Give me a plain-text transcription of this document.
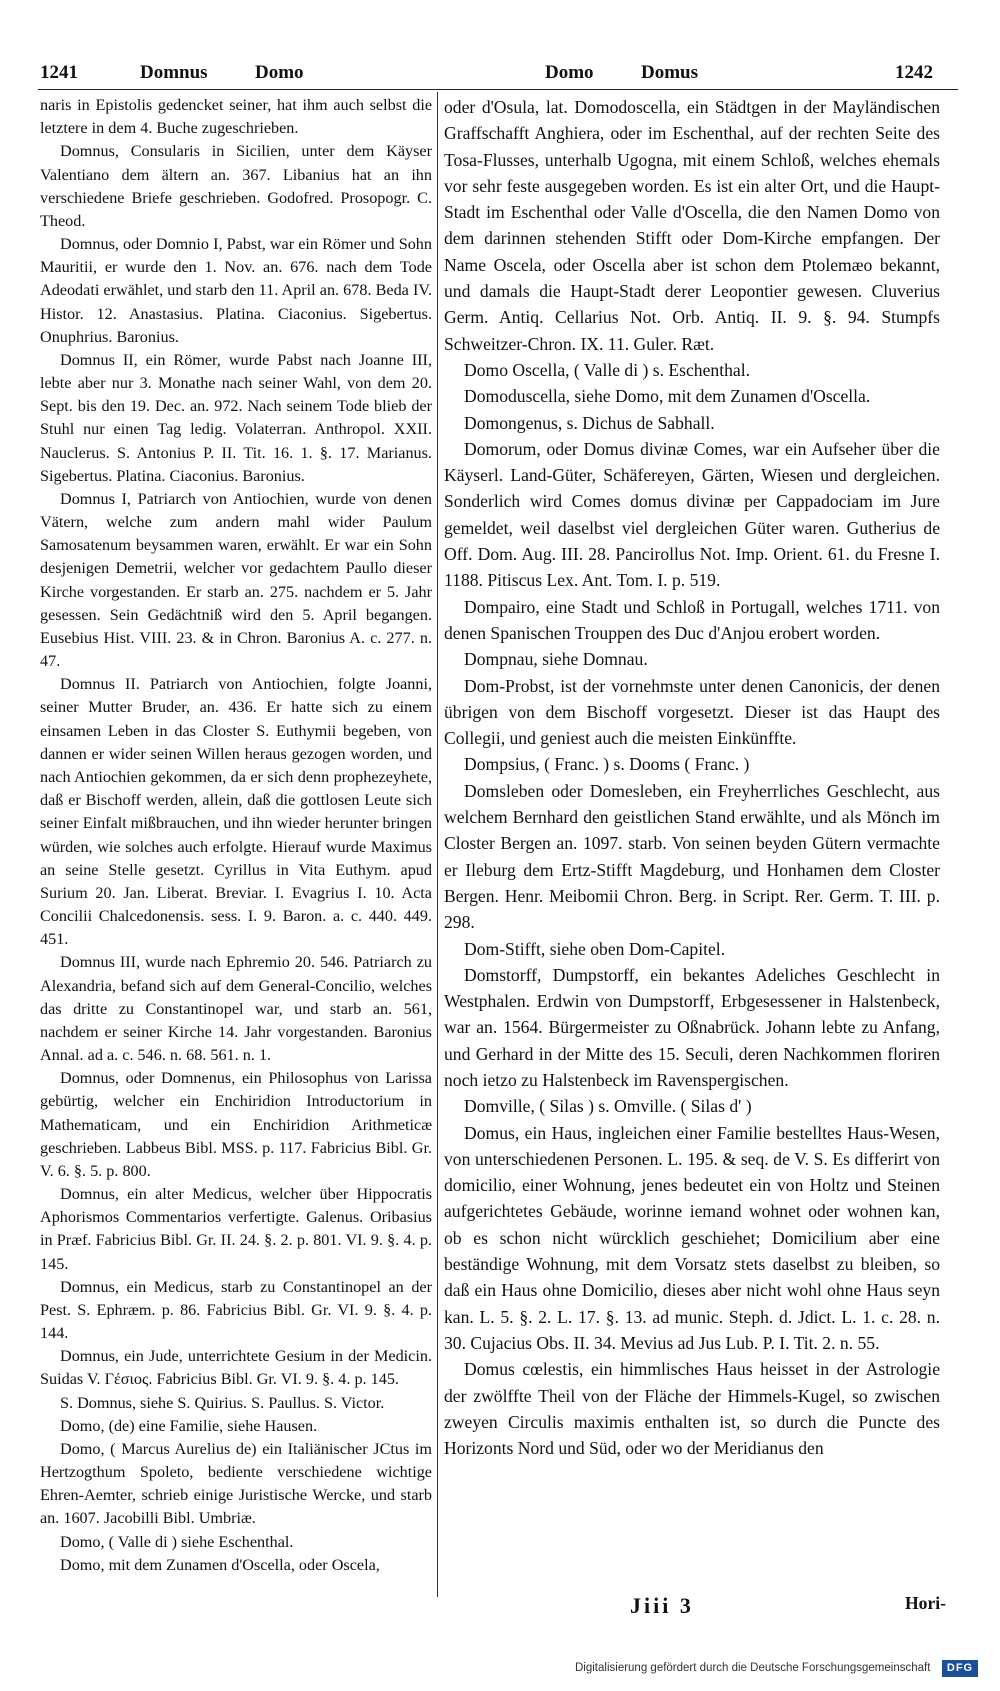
1241	Domnus Domo	Domo Domus	1242

naris in Epistolis gedencket seiner, hat ihm auch selbst die letztere in dem 4. Buche zugeschrieben.

Domnus, Consularis in Sicilien, unter dem Käyser Valentiano dem ältern an. 367. Libanius hat an ihn verschiedene Briefe geschrieben. Godofred. Prosopogr. C. Theod.

Domnus, oder Domnio I, Pabst, war ein Römer und Sohn Mauritii, er wurde den 1. Nov. an. 676. nach dem Tode Adeodati erwählet, und starb den 11. April an. 678. Beda IV. Histor. 12. Anastasius. Platina. Ciaconius. Sigebertus. Onuphrius. Baronius.

Domnus II, ein Römer, wurde Pabst nach Joanne III, lebte aber nur 3. Monathe nach seiner Wahl, von dem 20. Sept. bis den 19. Dec. an. 972. Nach seinem Tode blieb der Stuhl nur einen Tag ledig. Volaterran. Anthropol. XXII. Nauclerus. S. Antonius P. II. Tit. 16. 1. §. 17. Marianus. Sigebertus. Platina. Ciaconius. Baronius.

Domnus I, Patriarch von Antiochien, wurde von denen Vätern, welche zum andern mahl wider Paulum Samosatenum beysammen waren, erwählt. Er war ein Sohn desjenigen Demetrii, welcher vor gedachtem Paullo dieser Kirche vorgestanden. Er starb an. 275. nachdem er 5. Jahr gesessen. Sein Gedächtniß wird den 5. April begangen. Eusebius Hist. VIII. 23. & in Chron. Baronius A. c. 277. n. 47.

Domnus II. Patriarch von Antiochien, folgte Joanni, seiner Mutter Bruder, an. 436. Er hatte sich zu einem einsamen Leben in das Closter S. Euthymii begeben, von dannen er wider seinen Willen heraus gezogen worden, und nach Antiochien gekommen, da er sich denn prophezeyhete, daß er Bischoff werden, allein, daß die gottlosen Leute sich seiner Einfalt mißbrauchen, und ihn wieder herunter bringen würden, wie solches auch erfolgte. Hierauf wurde Maximus an seine Stelle gesetzt. Cyrillus in Vita Euthym. apud Surium 20. Jan. Liberat. Breviar. I. Evagrius I. 10. Acta Concilii Chalcedonensis. sess. I. 9. Baron. a. c. 440. 449. 451.

Domnus III, wurde nach Ephremio 20. 546. Patriarch zu Alexandria, befand sich auf dem General-Concilio, welches das dritte zu Constantinopel war, und starb an. 561, nachdem er seiner Kirche 14. Jahr vorgestanden. Baronius Annal. ad a. c. 546. n. 68. 561. n. 1.

Domnus, oder Domnenus, ein Philosophus von Larissa gebürtig, welcher ein Enchiridion Introductorium in Mathematicam, und ein Enchiridion Arithmeticæ geschrieben. Labbeus Bibl. MSS. p. 117. Fabricius Bibl. Gr. V. 6. §. 5. p. 800.

Domnus, ein alter Medicus, welcher über Hippocratis Aphorismos Commentarios verfertigte. Galenus. Oribasius in Præf. Fabricius Bibl. Gr. II. 24. §. 2. p. 801. VI. 9. §. 4. p. 145.

Domnus, ein Medicus, starb zu Constantinopel an der Pest. S. Ephræm. p. 86. Fabricius Bibl. Gr. VI. 9. §. 4. p. 144.

Domnus, ein Jude, unterrichtete Gesium in der Medicin. Suidas V. Γέσιος. Fabricius Bibl. Gr. VI. 9. §. 4. p. 145.

S. Domnus, siehe S. Quirius. S. Paullus. S. Victor.

Domo, (de) eine Familie, siehe Hausen.

Domo, ( Marcus Aurelius de) ein Italiänischer JCtus im Hertzogthum Spoleto, bediente verschiedene wichtige Ehren-Aemter, schrieb einige Juristische Wercke, und starb an. 1607. Jacobilli Bibl. Umbriæ.

Domo, ( Valle di ) siehe Eschenthal.

Domo, mit dem Zunamen d'Oscella, oder Oscela,

oder d'Osula, lat. Domodoscella, ein Städtgen in der Mayländischen Graffschafft Anghiera, oder im Eschenthal, auf der rechten Seite des Tosa-Flusses, unterhalb Ugogna, mit einem Schloß, welches ehemals vor sehr feste ausgegeben worden. Es ist ein alter Ort, und die Haupt-Stadt im Eschenthal oder Valle d'Oscella, die den Namen Domo von dem darinnen stehenden Stifft oder Dom-Kirche empfangen. Der Name Oscela, oder Oscella aber ist schon dem Ptolemæo bekannt, und damals die Haupt-Stadt derer Leopontier gewesen. Cluverius Germ. Antiq. Cellarius Not. Orb. Antiq. II. 9. §. 94. Stumpfs Schweitzer-Chron. IX. 11. Guler. Ræt.

Domo Oscella, ( Valle di ) s. Eschenthal.

Domoduscella, siehe Domo, mit dem Zunamen d'Oscella.

Domongenus, s. Dichus de Sabhall.

Domorum, oder Domus divinæ Comes, war ein Aufseher über die Käyserl. Land-Güter, Schäfereyen, Gärten, Wiesen und dergleichen. Sonderlich wird Comes domus divinæ per Cappadociam im Jure gemeldet, weil daselbst viel dergleichen Güter waren. Gutherius de Off. Dom. Aug. III. 28. Pancirollus Not. Imp. Orient. 61. du Fresne I. 1188. Pitiscus Lex. Ant. Tom. I. p. 519.

Dompairo, eine Stadt und Schloß in Portugall, welches 1711. von denen Spanischen Trouppen des Duc d'Anjou erobert worden.

Dompnau, siehe Domnau.

Dom-Probst, ist der vornehmste unter denen Canonicis, der denen übrigen von dem Bischoff vorgesetzt. Dieser ist das Haupt des Collegii, und geniest auch die meisten Einkünffte.

Dompsius, ( Franc. ) s. Dooms ( Franc. )

Domsleben oder Domesleben, ein Freyherrliches Geschlecht, aus welchem Bernhard den geistlichen Stand erwählte, und als Mönch im Closter Bergen an. 1097. starb. Von seinen beyden Gütern vermachte er Ileburg dem Ertz-Stifft Magdeburg, und Honhamen dem Closter Bergen. Henr. Meibomii Chron. Berg. in Script. Rer. Germ. T. III. p. 298.

Dom-Stifft, siehe oben Dom-Capitel.

Domstorff, Dumpstorff, ein bekantes Adeliches Geschlecht in Westphalen. Erdwin von Dumpstorff, Erbgesessener in Halstenbeck, war an. 1564. Bürgermeister zu Oßnabrück. Johann lebte zu Anfang, und Gerhard in der Mitte des 15. Seculi, deren Nachkommen floriren noch ietzo zu Halstenbeck im Ravenspergischen.

Domville, ( Silas ) s. Omville. ( Silas d' )

Domus, ein Haus, ingleichen einer Familie bestelltes Haus-Wesen, von unterschiedenen Personen. L. 195. & seq. de V. S. Es differirt von domicilio, einer Wohnung, jenes bedeutet ein von Holtz und Steinen aufgerichtetes Gebäude, worinne iemand wohnet oder wohnen kan, ob es schon nicht würcklich geschiehet; Domicilium aber eine beständige Wohnung, mit dem Vorsatz stets daselbst zu bleiben, so daß ein Haus ohne Domicilio, dieses aber nicht wohl ohne Haus seyn kan. L. 5. §. 2. L. 17. §. 13. ad munic. Steph. d. Jdict. L. 1. c. 28. n. 30. Cujacius Obs. II. 34. Mevius ad Jus Lub. P. I. Tit. 2. n. 55.

Domus cœlestis, ein himmlisches Haus heisset in der Astrologie der zwölffte Theil von der Fläche der Himmels-Kugel, so zwischen zweyen Circulis maximis enthalten ist, so durch die Puncte des Horizonts Nord und Süd, oder wo der Meridianus den

Jiii 3	Hori-
Digitalisierung gefördert durch die Deutsche Forschungsgemeinschaft	DFG
